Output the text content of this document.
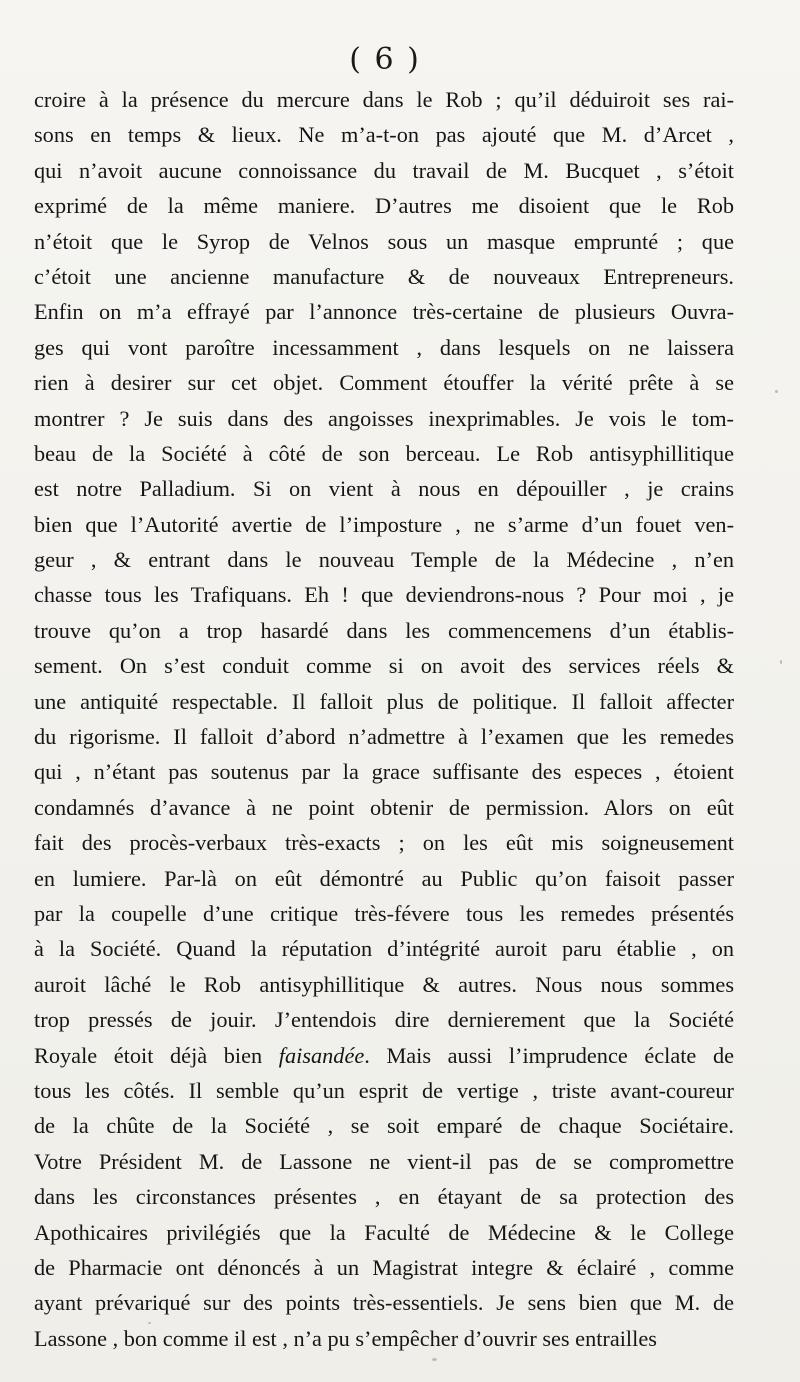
( 6 )
croire à la présence du mercure dans le Rob ; qu’il déduiroit ses rai-
sons en temps & lieux. Ne m’a-t-on pas ajouté que M. d’Arcet ,
qui n’avoit aucune connoissance du travail de M. Bucquet , s’étoit
exprimé de la même maniere. D’autres me disoient que le Rob
n’étoit que le Syrop de Velnos sous un masque emprunté ; que
c’étoit une ancienne manufacture & de nouveaux Entrepreneurs.
Enfin on m’a effrayé par l’annonce très-certaine de plusieurs Ouvra-
ges qui vont paroître incessamment , dans lesquels on ne laissera
rien à desirer sur cet objet. Comment étouffer la vérité prête à se
montrer ? Je suis dans des angoisses inexprimables. Je vois le tom-
beau de la Société à côté de son berceau. Le Rob antisyphillitique
est notre Palladium. Si on vient à nous en dépouiller , je crains
bien que l’Autorité avertie de l’imposture , ne s’arme d’un fouet ven-
geur , & entrant dans le nouveau Temple de la Médecine , n’en
chasse tous les Trafiquans. Eh ! que deviendrons-nous ? Pour moi , je
trouve qu’on a trop hasardé dans les commencemens d’un établis-
sement. On s’est conduit comme si on avoit des services réels &
une antiquité respectable. Il falloit plus de politique. Il falloit affecter
du rigorisme. Il falloit d’abord n’admettre à l’examen que les remedes
qui , n’étant pas soutenus par la grace suffisante des especes , étoient
condamnés d’avance à ne point obtenir de permission. Alors on eût
fait des procès-verbaux très-exacts ; on les eût mis soigneusement
en lumiere. Par-là on eût démontré au Public qu’on faisoit passer
par la coupelle d’une critique très-févere tous les remedes présentés
à la Société. Quand la réputation d’intégrité auroit paru établie , on
auroit lâché le Rob antisyphillitique & autres. Nous nous sommes
trop pressés de jouir. J’entendois dire dernierement que la Société
Royale étoit déjà bien faisandée. Mais aussi l’imprudence éclate de
tous les côtés. Il semble qu’un esprit de vertige , triste avant-coureur
de la chûte de la Société , se soit emparé de chaque Sociétaire.
Votre Président M. de Lassone ne vient-il pas de se compromettre
dans les circonstances présentes , en étayant de sa protection des
Apothicaires privilégiés que la Faculté de Médecine & le College
de Pharmacie ont dénoncés à un Magistrat integre & éclairé , comme
ayant prévariqué sur des points très-essentiels. Je sens bien que M. de
Lassone , bon comme il est , n’a pu s’empêcher d’ouvrir ses entrailles
